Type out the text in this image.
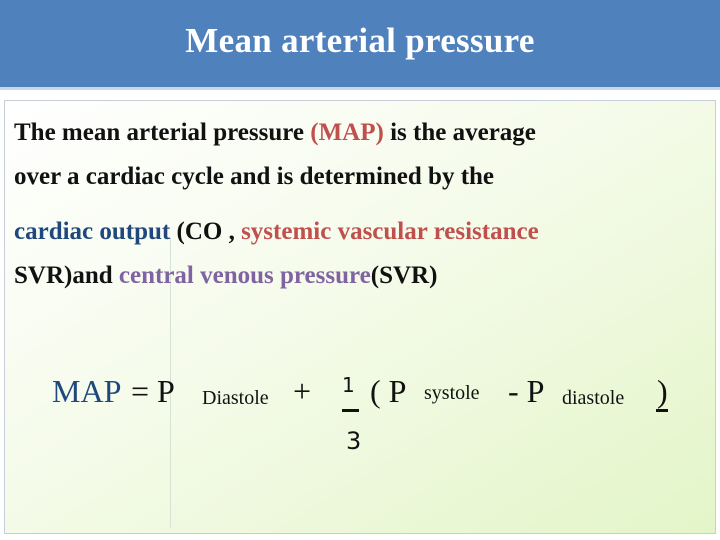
Mean arterial pressure
The mean arterial pressure (MAP) is the average
over a cardiac cycle and is determined by the
cardiac output (CO , systemic vascular resistance
SVR)and central venous pressure(SVR)
MAP = P Diastole + 1
3
( P systole - P diastole )
